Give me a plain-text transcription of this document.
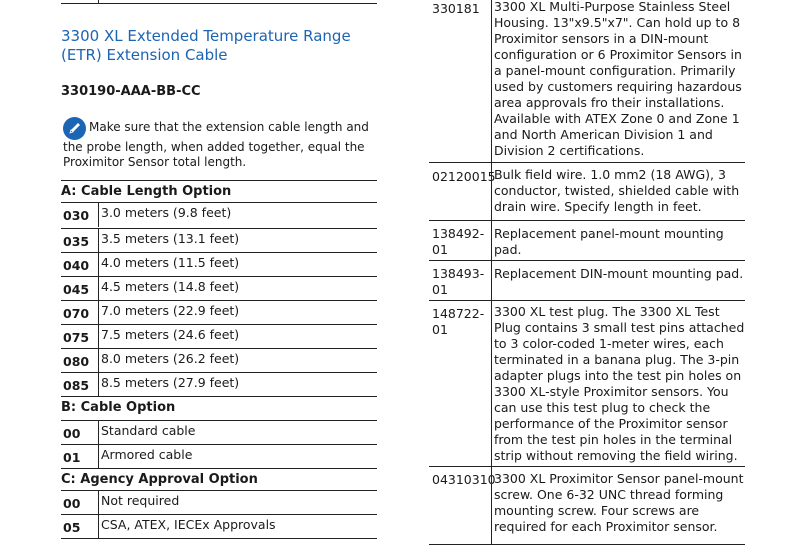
3300 XL Extended Temperature Range (ETR) Extension Cable
330190-AAA-BB-CC
Make sure that the extension cable length and the probe length, when added together, equal the Proximitor Sensor total length.
A: Cable Length Option
030 3.0 meters (9.8 feet)
035 3.5 meters (13.1 feet)
040 4.0 meters (11.5 feet)
045 4.5 meters (14.8 feet)
070 7.0 meters (22.9 feet)
075 7.5 meters (24.6 feet)
080 8.0 meters (26.2 feet)
085 8.5 meters (27.9 feet)
B: Cable Option
00 Standard cable
01 Armored cable
C: Agency Approval Option
00 Not required
05 CSA, ATEX, IECEx Approvals
330181	3300 XL Multi-Purpose Stainless Steel Housing. 13"x9.5"x7". Can hold up to 8 Proximitor sensors in a DIN-mount configuration or 6 Proximitor Sensors in a panel-mount configuration. Primarily used by customers requiring hazardous area approvals fro their installations. Available with ATEX Zone 0 and Zone 1 and North American Division 1 and Division 2 certifications.
02120015
Bulk field wire. 1.0 mm2 (18 AWG), 3 conductor, twisted, shielded cable with drain wire. Specify length in feet.
138492-01
Replacement panel-mount mounting pad.
138493-01
Replacement DIN-mount mounting pad.
148722-01
3300 XL test plug. The 3300 XL Test Plug contains 3 small test pins attached to 3 color-coded 1-meter wires, each terminated in a banana plug. The 3-pin adapter plugs into the test pin holes on 3300 XL-style Proximitor sensors. You can use this test plug to check the performance of the Proximitor sensor from the test pin holes in the terminal strip without removing the field wiring.
04310310
3300 XL Proximitor Sensor panel-mount screw. One 6-32 UNC thread forming mounting screw. Four screws are required for each Proximitor sensor.
